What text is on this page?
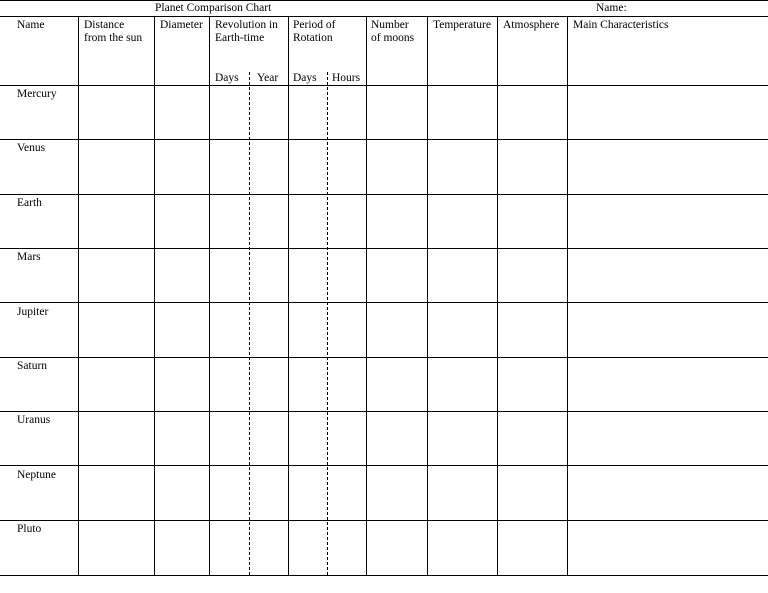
Planet Comparison Chart	Name:
Name	Distance
from the sun
Diameter Revolution in
Earth-time
Days Year
Period of
Rotation
Days Hours
Number
of moons
Temperature Atmosphere Main Characteristics
Mercury
Venus
Earth
Mars
Jupiter
Saturn
Uranus
Neptune
Pluto
